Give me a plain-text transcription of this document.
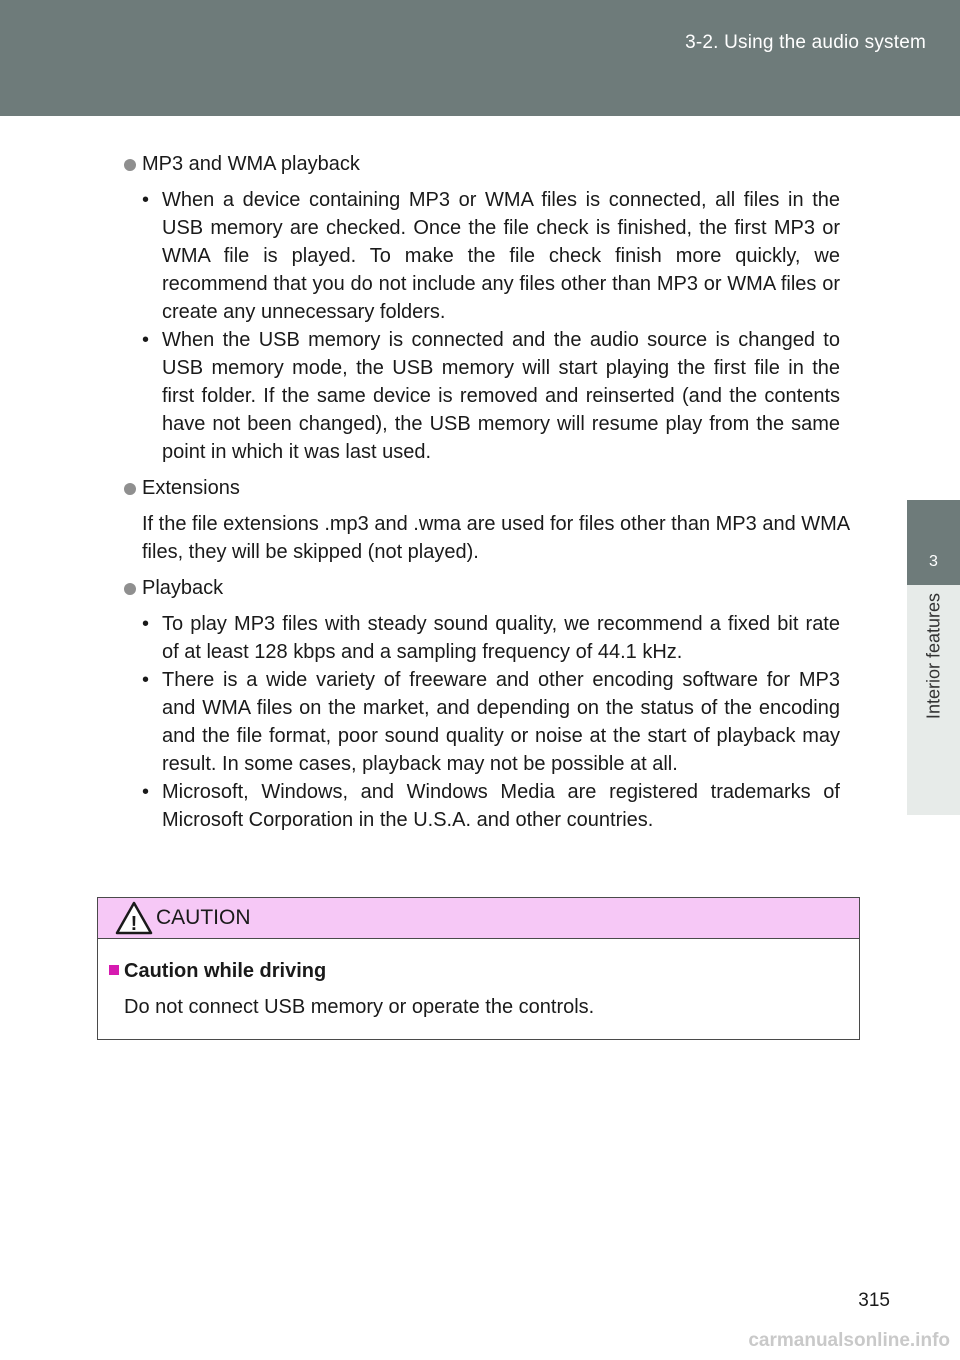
3-2. Using the audio system
3
Interior features
MP3 and WMA playback
• When a device containing MP3 or WMA files is connected, all files in the USB memory are checked. Once the file check is finished, the first MP3 or WMA file is played. To make the file check finish more quickly, we recommend that you do not include any files other than MP3 or WMA files or create any unnecessary folders.
• When the USB memory is connected and the audio source is changed to USB memory mode, the USB memory will start playing the first file in the first folder. If the same device is removed and reinserted (and the contents have not been changed), the USB memory will resume play from the same point in which it was last used.
Extensions

If the file extensions .mp3 and .wma are used for files other than MP3 and WMA files, they will be skipped (not played).

Playback
• To play MP3 files with steady sound quality, we recommend a fixed bit rate of at least 128 kbps and a sampling frequency of 44.1 kHz.
• There is a wide variety of freeware and other encoding software for MP3 and WMA files on the market, and depending on the status of the encoding and the file format, poor sound quality or noise at the start of playback may result. In some cases, playback may not be possible at all.
• Microsoft, Windows, and Windows Media are registered trademarks of Microsoft Corporation in the U.S.A. and other countries.
! CAUTION
Caution while driving
Do not connect USB memory or operate the controls.
315
carmanualsonline.info
